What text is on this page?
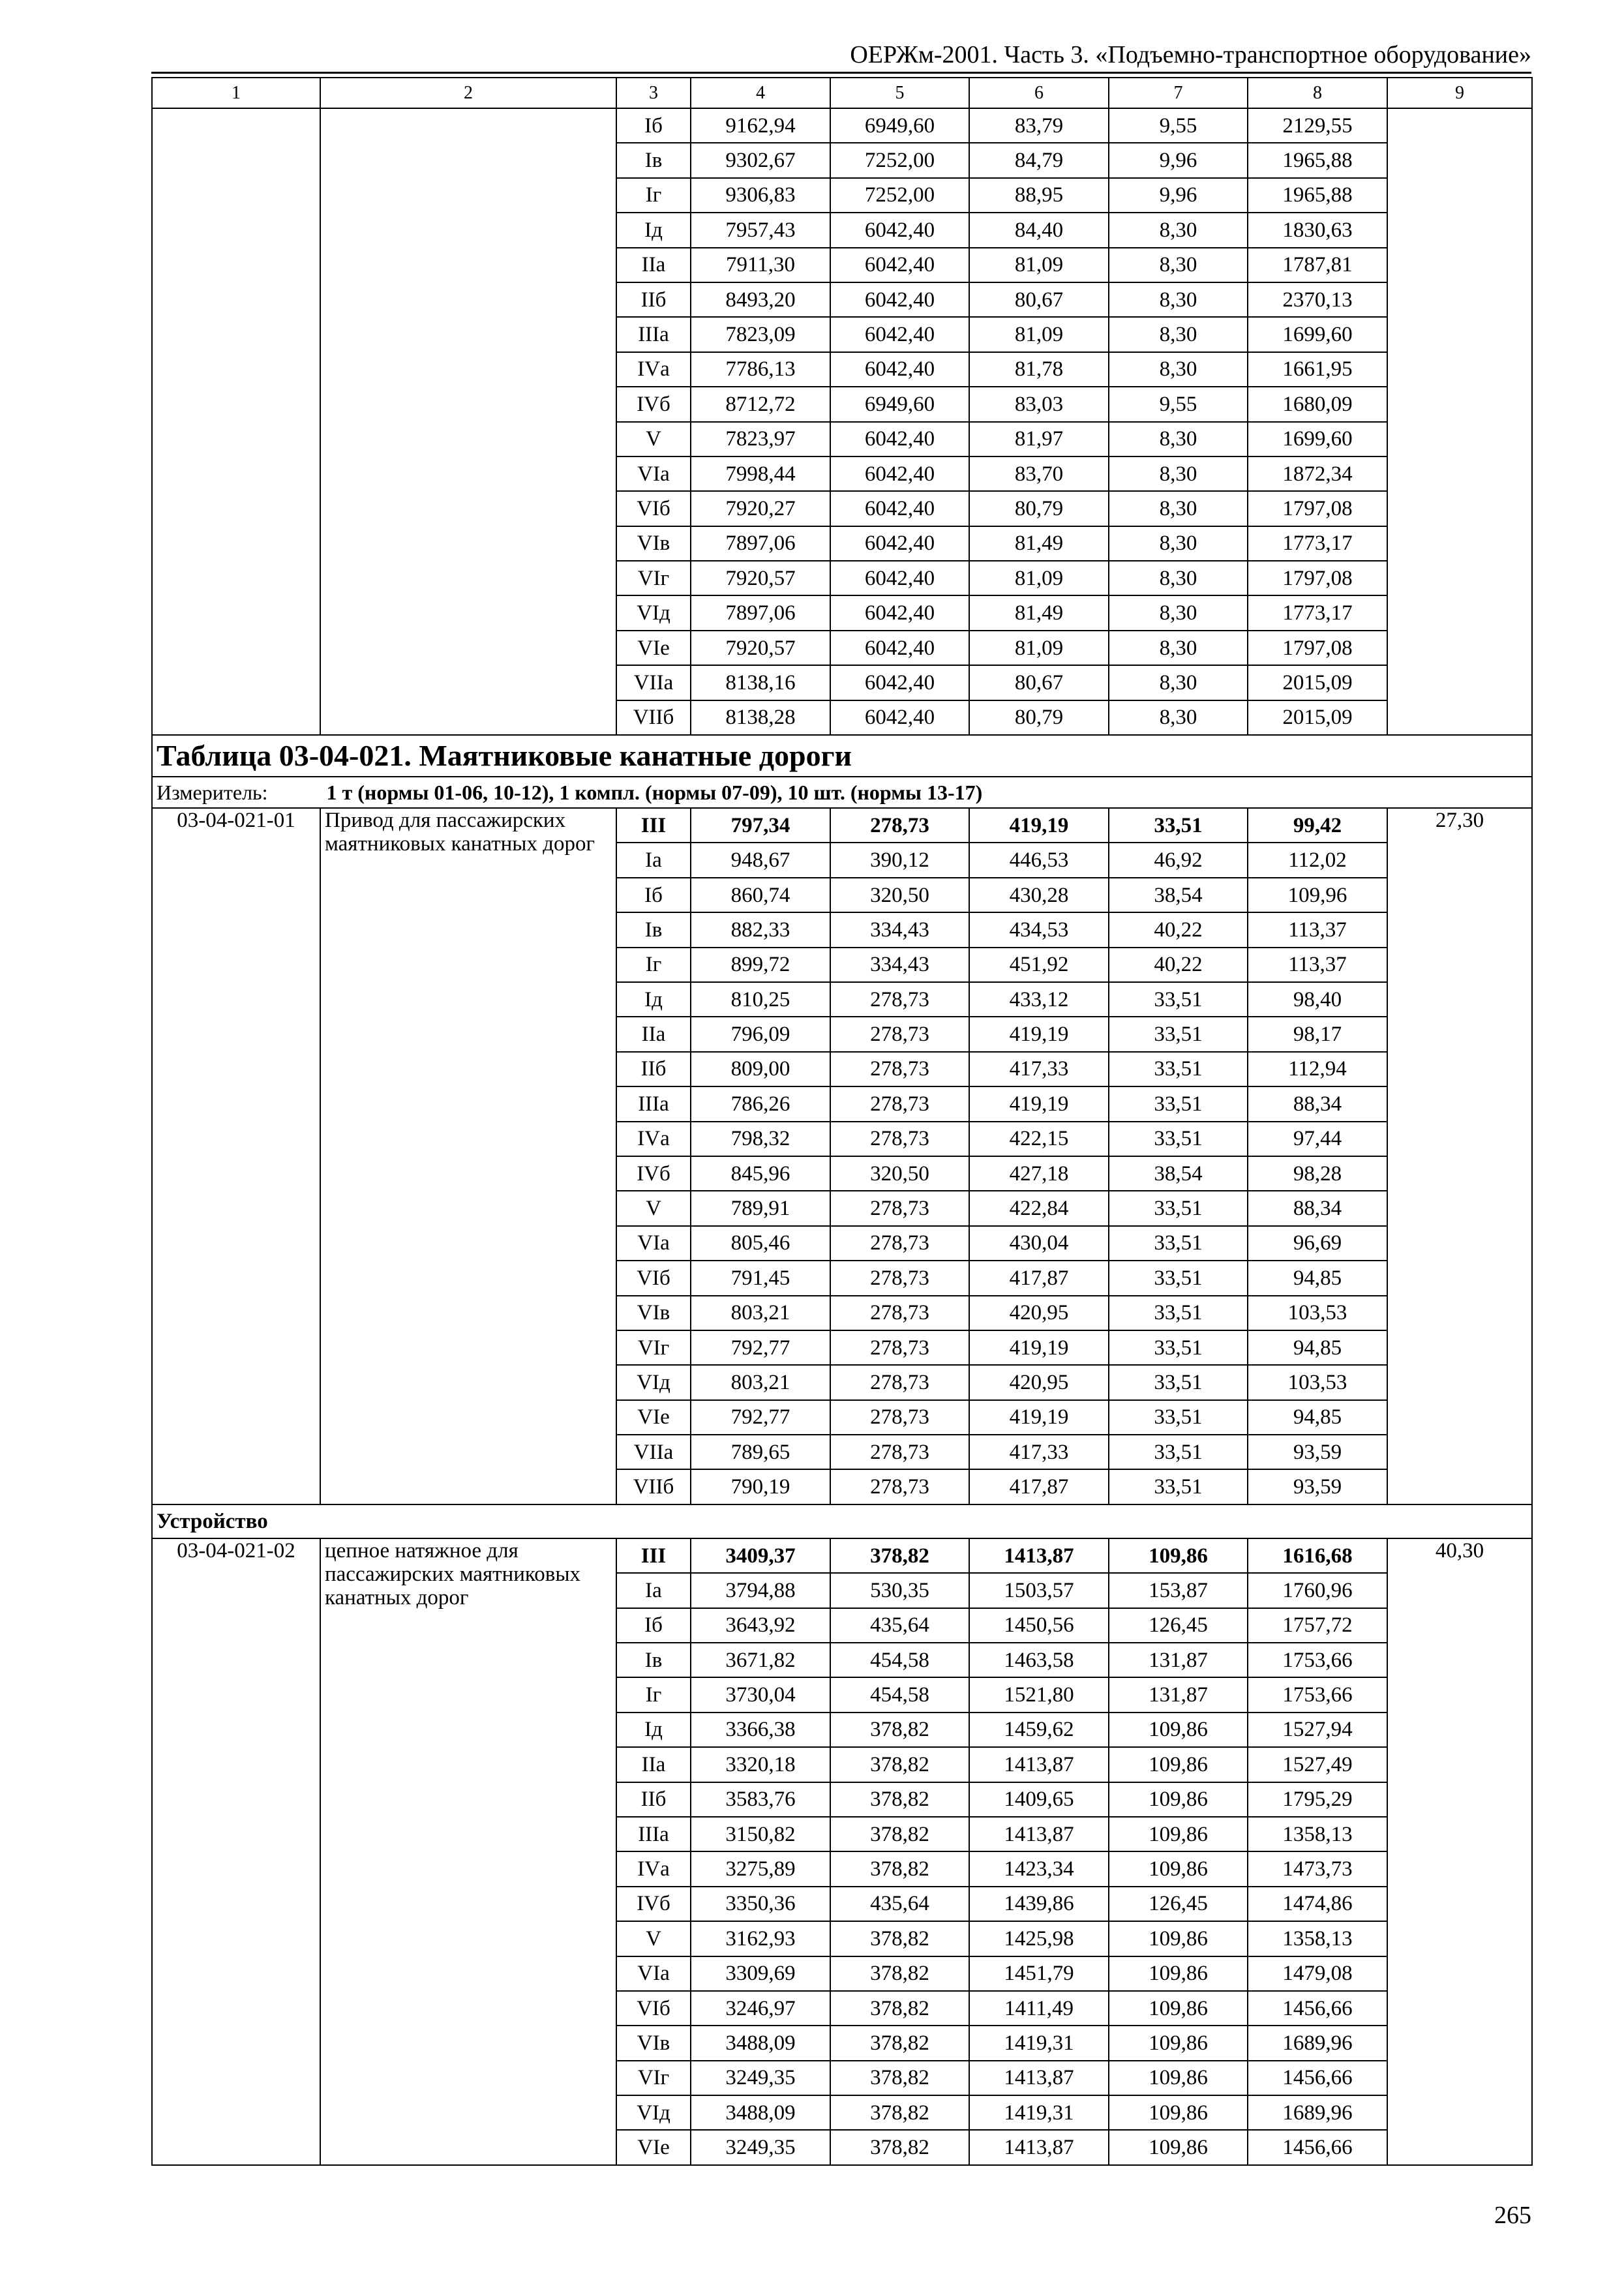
ОЕРЖм-2001. Часть 3. «Подъемно-транспортное оборудование»
1	2	3	4	5	6	7	8	9
		Iб	9162,94	6949,60	83,79	9,55	2129,55	
		Iв	9302,67	7252,00	84,79	9,96	1965,88	
		Iг	9306,83	7252,00	88,95	9,96	1965,88	
		Iд	7957,43	6042,40	84,40	8,30	1830,63	
		IIа	7911,30	6042,40	81,09	8,30	1787,81	
		IIб	8493,20	6042,40	80,67	8,30	2370,13	
		IIIа	7823,09	6042,40	81,09	8,30	1699,60	
		IVа	7786,13	6042,40	81,78	8,30	1661,95	
		IVб	8712,72	6949,60	83,03	9,55	1680,09	
		V	7823,97	6042,40	81,97	8,30	1699,60	
		VIа	7998,44	6042,40	83,70	8,30	1872,34	
		VIб	7920,27	6042,40	80,79	8,30	1797,08	
		VIв	7897,06	6042,40	81,49	8,30	1773,17	
		VIг	7920,57	6042,40	81,09	8,30	1797,08	
		VIд	7897,06	6042,40	81,49	8,30	1773,17	
		VIе	7920,57	6042,40	81,09	8,30	1797,08	
		VIIа	8138,16	6042,40	80,67	8,30	2015,09	
		VIIб	8138,28	6042,40	80,79	8,30	2015,09	
Таблица 03-04-021. Маятниковые канатные дороги								
Измеритель: 1 т (нормы 01-06, 10-12), 1 компл. (нормы 07-09), 10 шт. (нормы 13-17)								
03-04-021-01	Привод для пассажирских маятниковых канатных дорог	III	797,34	278,73	419,19	33,51	99,42	27,30
		Iа	948,67	390,12	446,53	46,92	112,02	
		Iб	860,74	320,50	430,28	38,54	109,96	
		Iв	882,33	334,43	434,53	40,22	113,37	
		Iг	899,72	334,43	451,92	40,22	113,37	
		Iд	810,25	278,73	433,12	33,51	98,40	
		IIа	796,09	278,73	419,19	33,51	98,17	
		IIб	809,00	278,73	417,33	33,51	112,94	
		IIIа	786,26	278,73	419,19	33,51	88,34	
		IVа	798,32	278,73	422,15	33,51	97,44	
		IVб	845,96	320,50	427,18	38,54	98,28	
		V	789,91	278,73	422,84	33,51	88,34	
		VIа	805,46	278,73	430,04	33,51	96,69	
		VIб	791,45	278,73	417,87	33,51	94,85	
		VIв	803,21	278,73	420,95	33,51	103,53	
		VIг	792,77	278,73	419,19	33,51	94,85	
		VIд	803,21	278,73	420,95	33,51	103,53	
		VIе	792,77	278,73	419,19	33,51	94,85	
		VIIа	789,65	278,73	417,33	33,51	93,59	
		VIIб	790,19	278,73	417,87	33,51	93,59	
Устройство								
03-04-021-02	цепное натяжное для пассажирских маятниковых канатных дорог	III	3409,37	378,82	1413,87	109,86	1616,68	40,30
		Iа	3794,88	530,35	1503,57	153,87	1760,96	
		Iб	3643,92	435,64	1450,56	126,45	1757,72	
		Iв	3671,82	454,58	1463,58	131,87	1753,66	
		Iг	3730,04	454,58	1521,80	131,87	1753,66	
		Iд	3366,38	378,82	1459,62	109,86	1527,94	
		IIа	3320,18	378,82	1413,87	109,86	1527,49	
		IIб	3583,76	378,82	1409,65	109,86	1795,29	
		IIIа	3150,82	378,82	1413,87	109,86	1358,13	
		IVа	3275,89	378,82	1423,34	109,86	1473,73	
		IVб	3350,36	435,64	1439,86	126,45	1474,86	
		V	3162,93	378,82	1425,98	109,86	1358,13	
		VIа	3309,69	378,82	1451,79	109,86	1479,08	
		VIб	3246,97	378,82	1411,49	109,86	1456,66	
		VIв	3488,09	378,82	1419,31	109,86	1689,96	
		VIг	3249,35	378,82	1413,87	109,86	1456,66	
		VIд	3488,09	378,82	1419,31	109,86	1689,96	
		VIе	3249,35	378,82	1413,87	109,86	1456,66	
265
